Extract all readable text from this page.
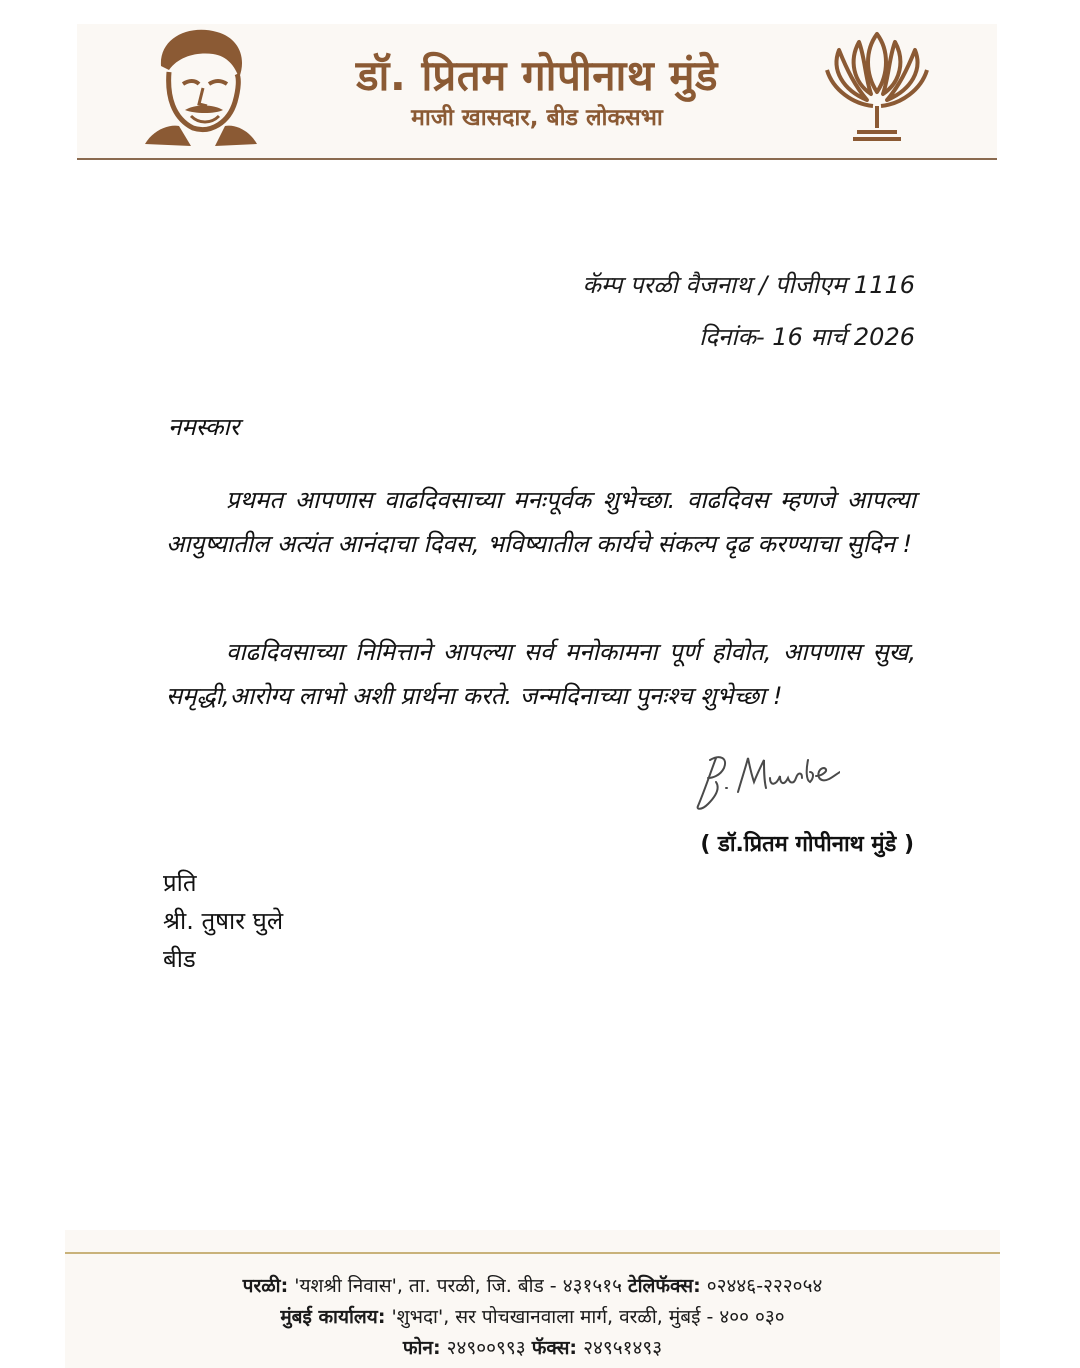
डॉ. प्रितम गोपीनाथ मुंडे
माजी खासदार, बीड लोकसभा
कॅम्प परळी वैजनाथ / पीजीएम 1116
दिनांक- 16 मार्च 2026
नमस्कार

प्रथमत आपणास वाढदिवसाच्या मनःपूर्वक शुभेच्छा. वाढदिवस म्हणजे आपल्या आयुष्यातील अत्यंत आनंदाचा दिवस, भविष्यातील कार्यचे संकल्प दृढ करण्याचा सुदिन !

वाढदिवसाच्या निमित्ताने आपल्या सर्व मनोकामना पूर्ण होवोत, आपणास सुख, समृद्धी,आरोग्य लाभो अशी प्रार्थना करते. जन्मदिनाच्या पुनःश्च शुभेच्छा !

( डॉ.प्रितम गोपीनाथ मुंडे )
प्रति
श्री. तुषार घुले
बीड
परळी: 'यशश्री निवास', ता. परळी, जि. बीड - ४३१५१५ टेलिफॅक्स: ०२४४६-२२२०५४
मुंबई कार्यालय: 'शुभदा', सर पोचखानवाला मार्ग, वरळी, मुंबई - ४०० ०३०
फोन: २४९००९९३ फॅक्स: २४९५१४९३
